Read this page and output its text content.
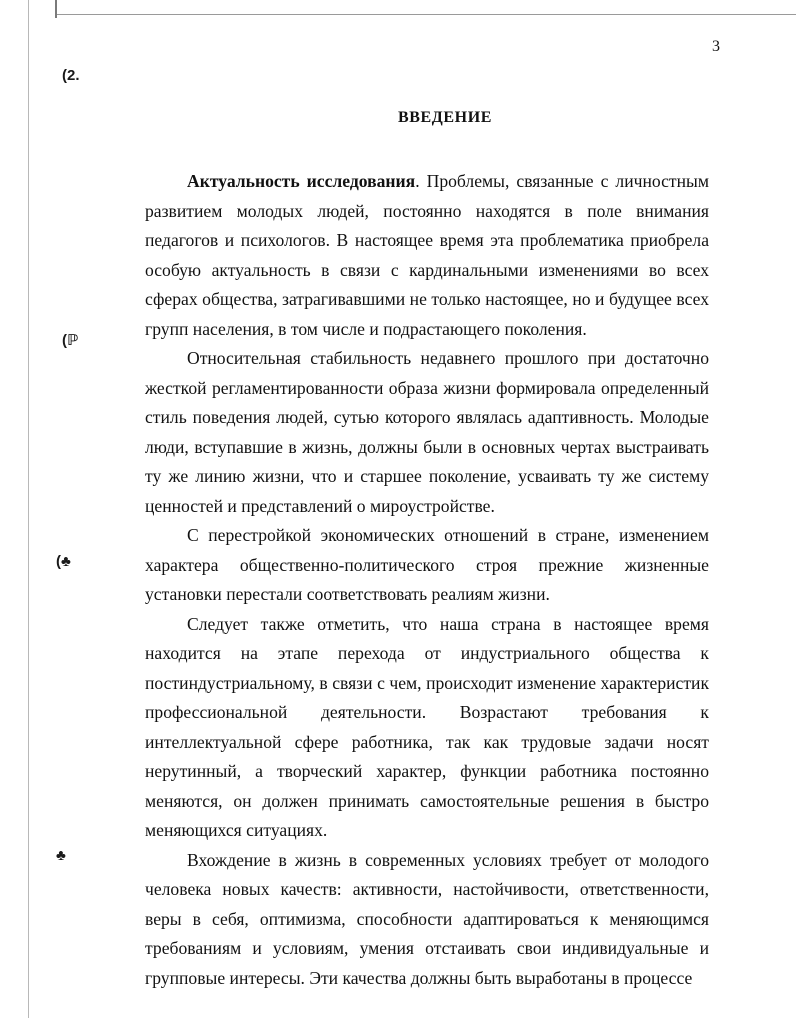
(2.
(ℙ
(♣
♣
3
ВВЕДЕНИЕ

Актуальность исследования. Проблемы, связанные с личностным развитием молодых людей, постоянно находятся в поле внимания педагогов и психологов. В настоящее время эта проблематика приобрела особую актуальность в связи с кардинальными изменениями во всех сферах общества, затрагивавшими не только настоящее, но и будущее всех групп населения, в том числе и подрастающего поколения.

Относительная стабильность недавнего прошлого при достаточно жесткой регламентированности образа жизни формировала определенный стиль поведения людей, сутью которого являлась адаптивность. Молодые люди, вступавшие в жизнь, должны были в основных чертах выстраивать ту же линию жизни, что и старшее поколение, усваивать ту же систему ценностей и представлений о мироустройстве.

С перестройкой экономических отношений в стране, изменением характера общественно-политического строя прежние жизненные установки перестали соответствовать реалиям жизни.

Следует также отметить, что наша страна в настоящее время находится на этапе перехода от индустриального общества к постиндустриальному, в связи с чем, происходит изменение характеристик профессиональной деятельности. Возрастают требования к интеллектуальной сфере работника, так как трудовые задачи носят нерутинный, а творческий характер, функции работника постоянно меняются, он должен принимать самостоятельные решения в быстро меняющихся ситуациях.

Вхождение в жизнь в современных условиях требует от молодого человека новых качеств: активности, настойчивости, ответственности, веры в себя, оптимизма, способности адаптироваться к меняющимся требованиям и условиям, умения отстаивать свои индивидуальные и групповые интересы. Эти качества должны быть выработаны в процессе
